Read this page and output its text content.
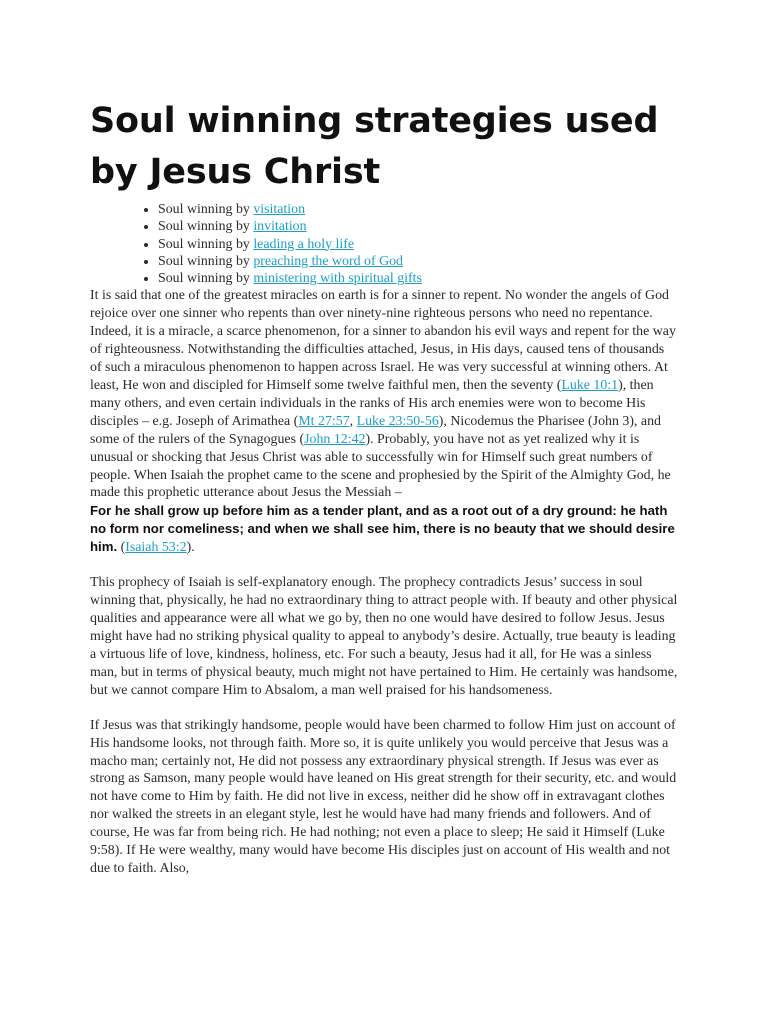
Soul winning strategies used by Jesus Christ
• Soul winning by visitation
• Soul winning by invitation
• Soul winning by leading a holy life
• Soul winning by preaching the word of God
• Soul winning by ministering with spiritual gifts

It is said that one of the greatest miracles on earth is for a sinner to repent. No wonder the angels of God rejoice over one sinner who repents than over ninety-nine righteous persons who need no repentance. Indeed, it is a miracle, a scarce phenomenon, for a sinner to abandon his evil ways and repent for the way of righteousness. Notwithstanding the difficulties attached, Jesus, in His days, caused tens of thousands of such a miraculous phenomenon to happen across Israel. He was very successful at winning others. At least, He won and discipled for Himself some twelve faithful men, then the seventy (Luke 10:1), then many others, and even certain individuals in the ranks of His arch enemies were won to become His disciples – e.g. Joseph of Arimathea (Mt 27:57, Luke 23:50-56), Nicodemus the Pharisee (John 3), and some of the rulers of the Synagogues (John 12:42). Probably, you have not as yet realized why it is unusual or shocking that Jesus Christ was able to successfully win for Himself such great numbers of people. When Isaiah the prophet came to the scene and prophesied by the Spirit of the Almighty God, he made this prophetic utterance about Jesus the Messiah –

For he shall grow up before him as a tender plant, and as a root out of a dry ground: he hath no form nor comeliness; and when we shall see him, there is no beauty that we should desire him. (Isaiah 53:2).

This prophecy of Isaiah is self-explanatory enough. The prophecy contradicts Jesus’ success in soul winning that, physically, he had no extraordinary thing to attract people with. If beauty and other physical qualities and appearance were all what we go by, then no one would have desired to follow Jesus. Jesus might have had no striking physical quality to appeal to anybody’s desire. Actually, true beauty is leading a virtuous life of love, kindness, holiness, etc. For such a beauty, Jesus had it all, for He was a sinless man, but in terms of physical beauty, much might not have pertained to Him. He certainly was handsome, but we cannot compare Him to Absalom, a man well praised for his handsomeness.

If Jesus was that strikingly handsome, people would have been charmed to follow Him just on account of His handsome looks, not through faith. More so, it is quite unlikely you would perceive that Jesus was a macho man; certainly not, He did not possess any extraordinary physical strength. If Jesus was ever as strong as Samson, many people would have leaned on His great strength for their security, etc. and would not have come to Him by faith. He did not live in excess, neither did he show off in extravagant clothes nor walked the streets in an elegant style, lest he would have had many friends and followers. And of course, He was far from being rich. He had nothing; not even a place to sleep; He said it Himself (Luke 9:58). If He were wealthy, many would have become His disciples just on account of His wealth and not due to faith. Also,
